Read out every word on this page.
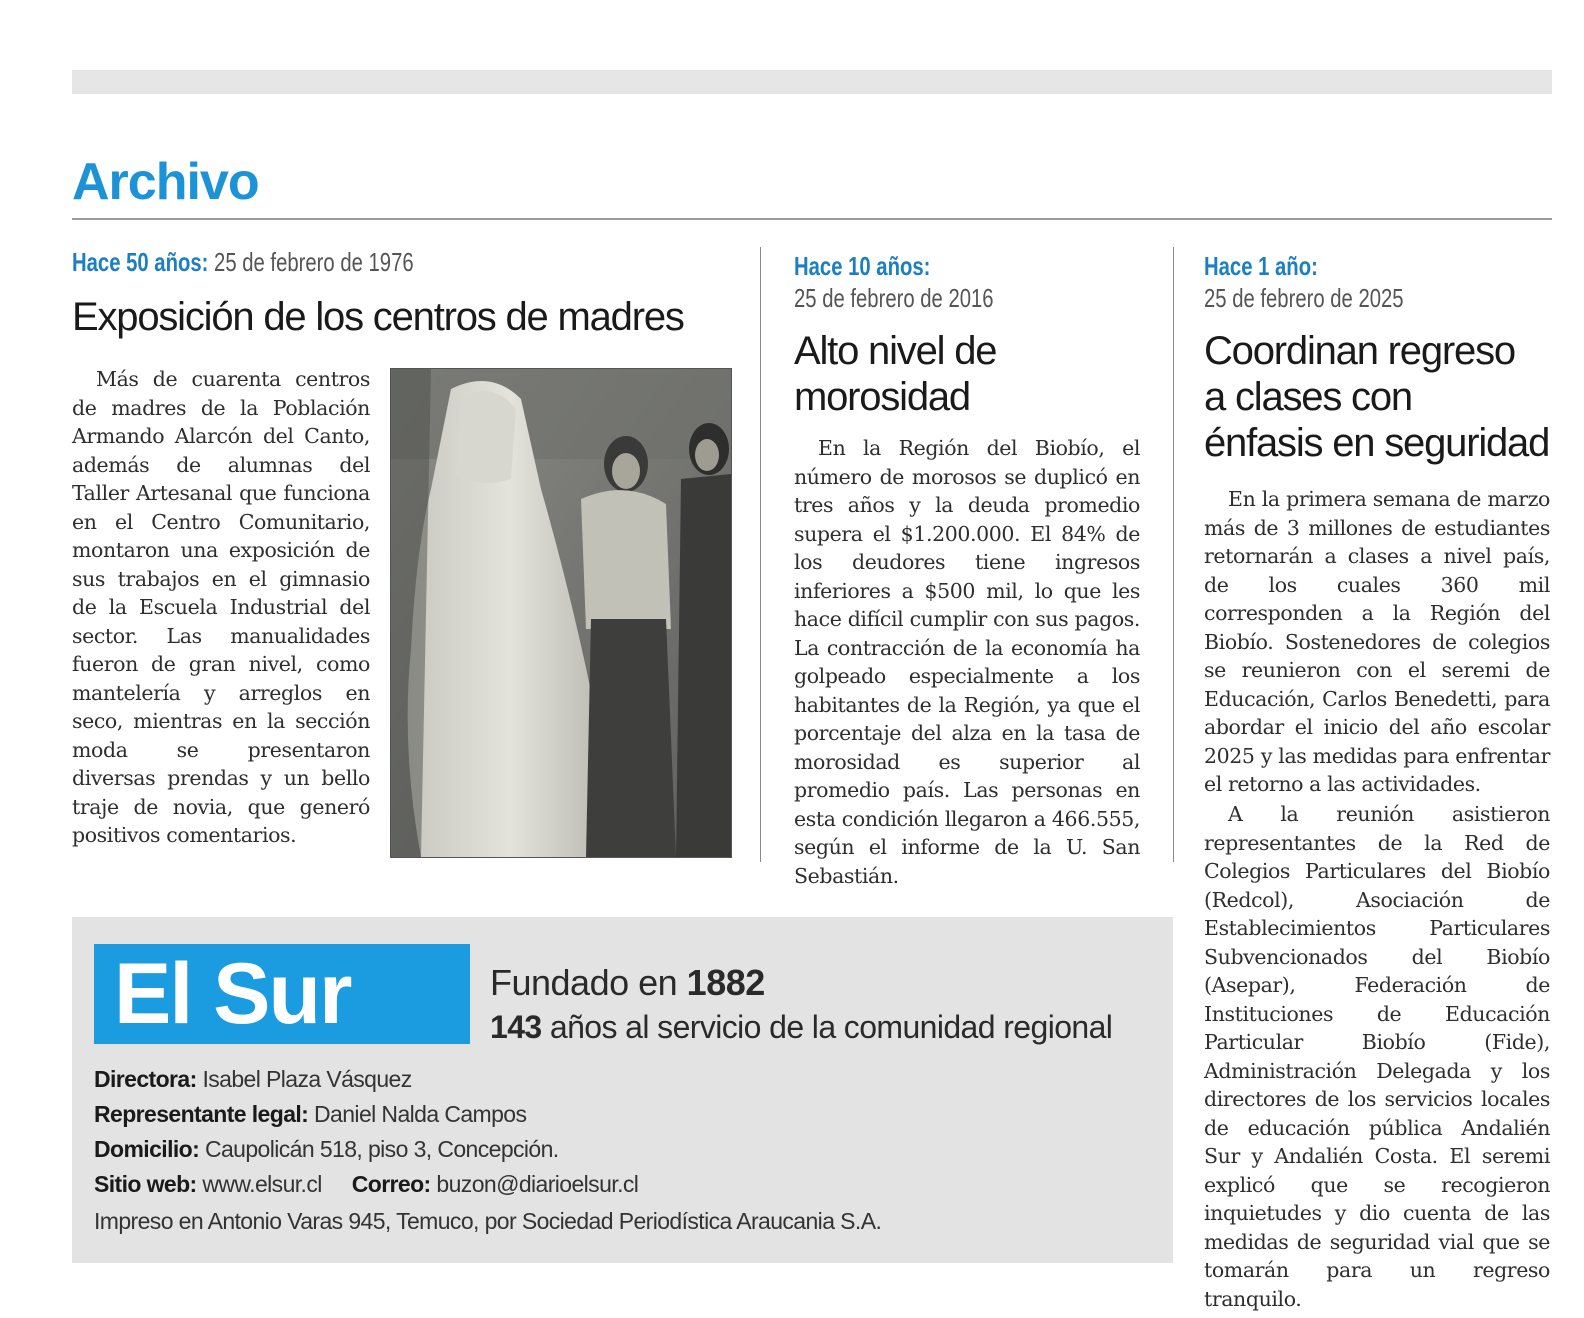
Archivo
Hace 50 años: 25 de febrero de 1976
Exposición de los centros de madres

Más de cuarenta centros de madres de la Población Armando Alarcón del Canto, además de alumnas del Taller Artesanal que funciona en el Centro Comunitario, montaron una exposición de sus trabajos en el gimnasio de la Escuela Industrial del sector. Las manualidades fueron de gran nivel, como mantelería y arreglos en seco, mientras en la sección moda se presentaron diversas prendas y un bello traje de novia, que generó positivos comentarios.

Hace 10 años:
25 de febrero de 2016
Alto nivel de
morosidad

En la Región del Biobío, el número de morosos se duplicó en tres años y la deuda promedio supera el $1.200.000. El 84% de los deudores tiene ingresos inferiores a $500 mil, lo que les hace difícil cumplir con sus pagos. La contracción de la economía ha golpeado especialmente a los habitantes de la Región, ya que el porcentaje del alza en la tasa de morosidad es superior al promedio país. Las personas en esta condición llegaron a 466.555, según el informe de la U. San Sebastián.

Hace 1 año:
25 de febrero de 2025
Coordinan regreso
a clases con
énfasis en seguridad

En la primera semana de marzo más de 3 millones de estudiantes retornarán a clases a nivel país, de los cuales 360 mil corresponden a la Región del Biobío. Sostenedores de colegios se reunieron con el seremi de Educación, Carlos Benedetti, para abordar el inicio del año escolar 2025 y las medidas para enfrentar el retorno a las actividades.

A la reunión asistieron representantes de la Red de Colegios Particulares del Biobío (Redcol), Asociación de Establecimientos Particulares Subvencionados del Biobío (Asepar), Federación de Instituciones de Educación Particular Biobío (Fide), Administración Delegada y los directores de los servicios locales de educación pública Andalién Sur y Andalién Costa. El seremi explicó que se recogieron inquietudes y dio cuenta de las medidas de seguridad vial que se tomarán para un regreso tranquilo.

El Sur	Fundado en 1882
143 años al servicio de la comunidad regional
Directora: Isabel Plaza Vásquez
Representante legal: Daniel Nalda Campos
Domicilio: Caupolicán 518, piso 3, Concepción.
Sitio web: www.elsur.cl Correo: buzon@diarioelsur.cl
Impreso en Antonio Varas 945, Temuco, por Sociedad Periodística Araucania S.A.
